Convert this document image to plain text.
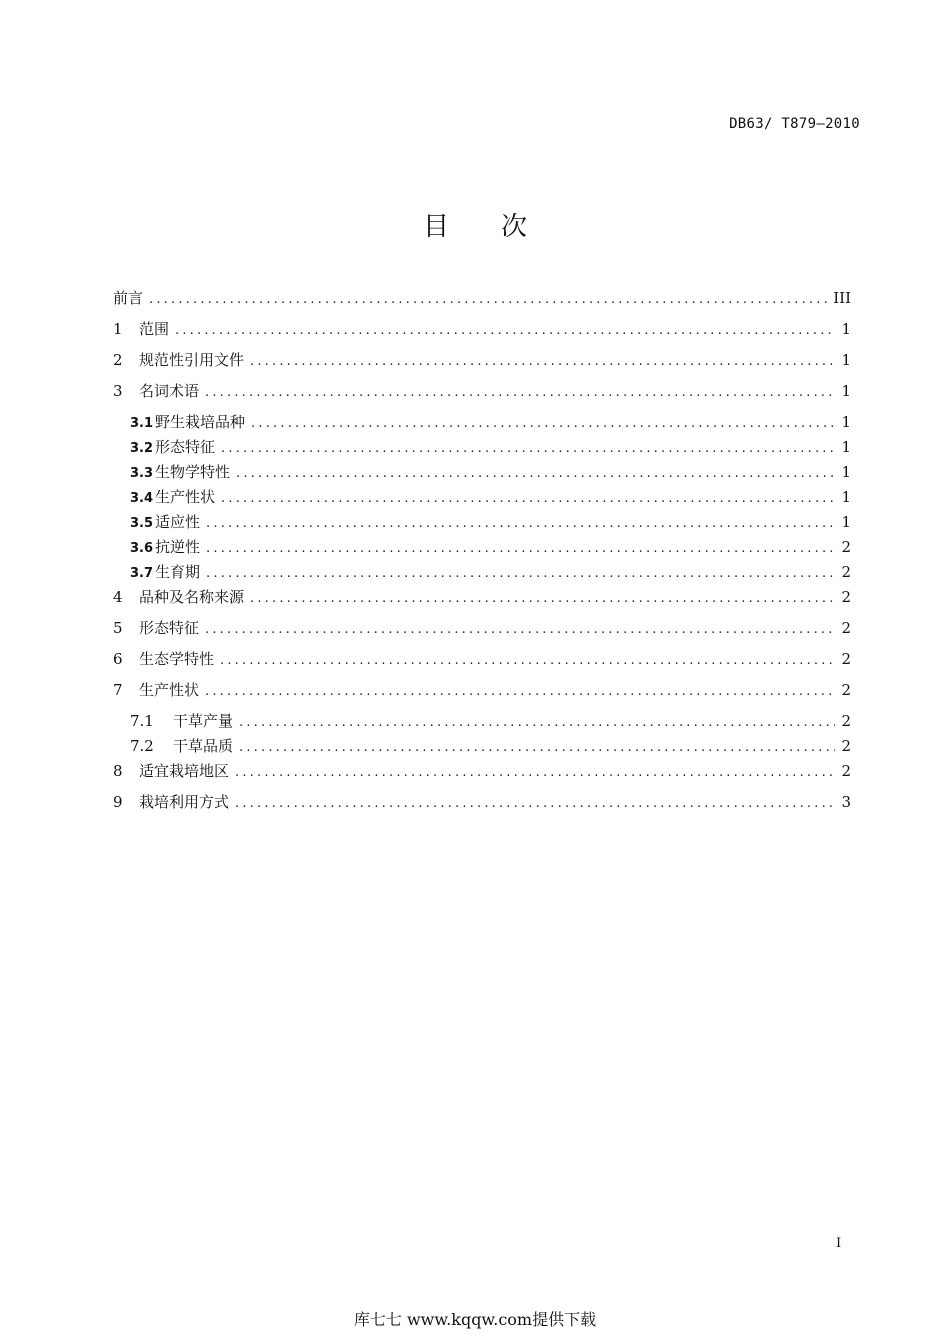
DB63/ T879—2010
目 次
前言 .....	III
1	范围 .....	1
2	规范性引用文件 .....	1
3	名词术语 .....	1
3.1 野生栽培品种 .....	1
3.2 形态特征 .....	1
3.3 生物学特性 .....	1
3.4 生产性状 .....	1
3.5 适应性 .....	1
3.6 抗逆性 .....	2
3.7 生育期 .....	2
4	品种及名称来源 .....	2
5	形态特征 .....	2
6	生态学特性 .....	2
7	生产性状 .....	2
7.1	干草产量 .....	2
7.2	干草品质 .....	2
8	适宜栽培地区 .....	2
9	栽培利用方式 .....	3
I
库七七 www.kqqw.com提供下载
